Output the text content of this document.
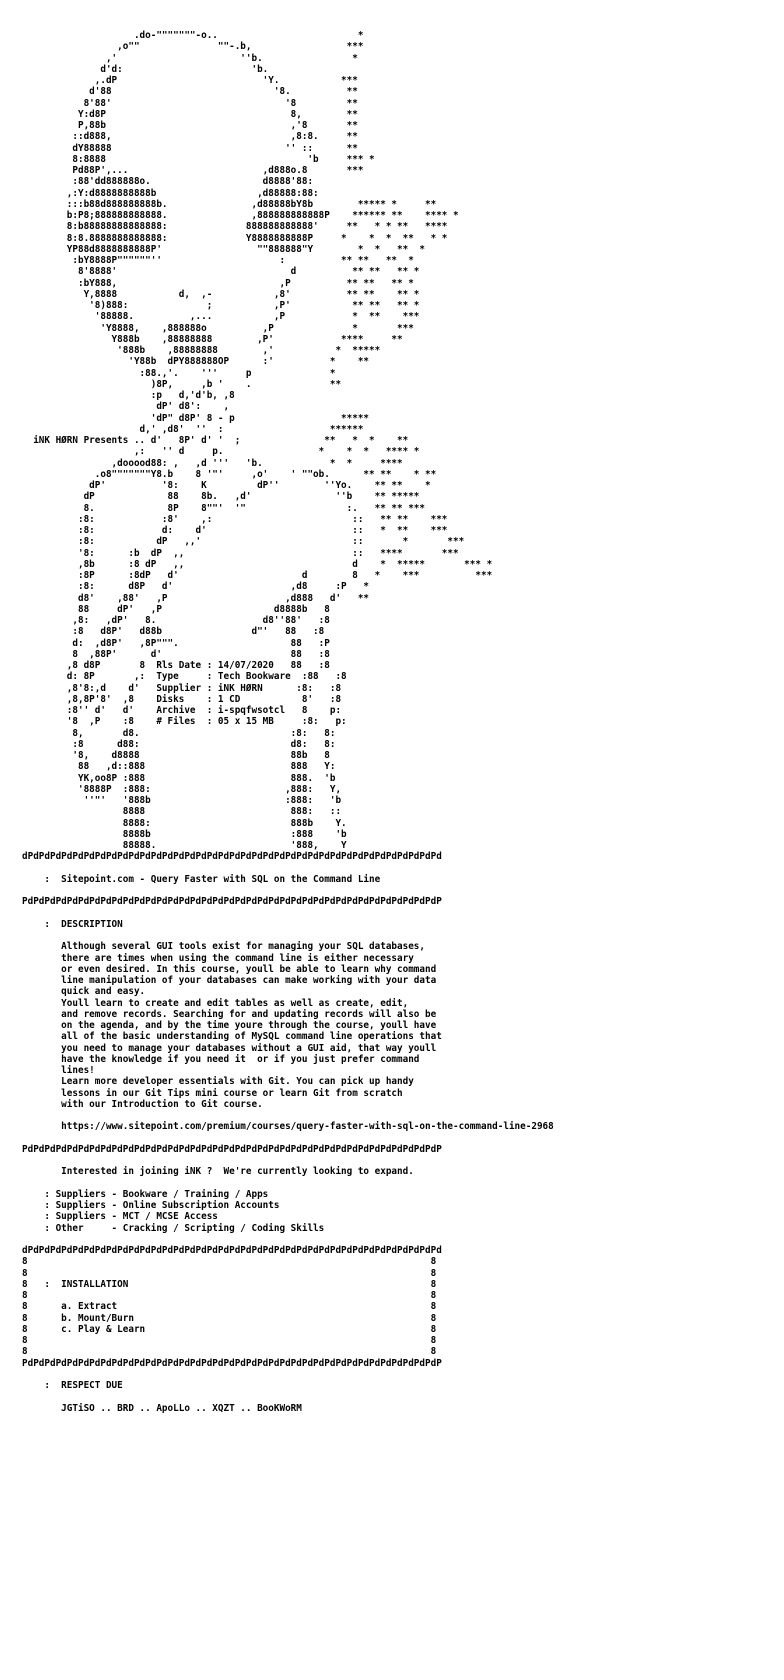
.do-"""""""-o..                         *
,o""              ""-.b,                 ***
,'                      ''b.                *
d'd:                       'b.
,.dP                          'Y.           ***
d'88                             '8.          **
8'88'                               '8         **
Y:d8P                                 8,        **
P,88b                                 ,'8       **
::d888,                                ,8:8.     **
dY88888                               '' ::      **
8:8888                                    'b     *** *
Pd88P',...                        ,d888o.8       ***
:88'dd888888o.                    d8888'88:
,:Y:d8888888888b                  ,d88888:88:
:::b88d888888888b.               ,d88888bY8b        ***** *     **
b:P8;888888888888.               ,888888888888P    ****** **    **** *
8:b88888888888888:              888888888888'     **   * * **   ****
8:8.8888888888888:              Y8888888888P     *    *  *  **   * *
YP88d8888888888P'                 ""888888"Y        *  *   **  *
:bY8888P""""""''                     :          ** **   **  *
8'8888'                               d          ** **   ** *
:bY888,                             ,P          ** **   ** *
Y,8888           d,  ,-           ,8'          ** **    ** *
'8)888:              ;           ,P'           ** **   ** *
'88888.          ,...           ,P            *  **    ***
'Y8888,    ,888888o          ,P              *       ***
Y888b    ,88888888        ,P'            ****     **
'888b    ,88888888        ,'           *  *****
'Y88b  dPY888888OP      :'          *    **
:88.,'.    '''     p              *
)8P,     ,b '    .              **
:p   d,'d'b, ,8
dP' d8':    ,
'dP" d8P' 8 - p                   *****
d,' ,d8'  ''  :                   ******
iNK HØRN Presents .. d'   8P' d' '  ;               **   *  *    **
,:   '' d     p.                 *    *  *   **** *
,dooood88: ,   ,d '''   'b.            *  *     ****
.o8"""""""Y8.b    8 '"'     ,o'    ' ""ob.      ** **    * **
dP'          '8:    K         dP''        ''Yo.    ** **    *
dP             88    8b.   ,d'               ''b    ** *****
8.             8P    8""'  '"                  :.   ** ** ***
:8:            :8'    ,:                         ::   ** **    ***
:8:            d:    d'                          ::   *  **    ***
:8:           dP   ,,'                           ::       *       ***
'8:      :b  dP  ,,                              ::   ****       ***
,8b      :8 dP   ,,                              d    *  *****       *** *
:8P      :8dP   d'                      d        8   *    ***          ***
:8:      d8P   d'                     ,d8     :P   *
d8'    ,88'   ,P                     ,d888   d'   **
88     dP'   ,P                    d8888b   8
,8:   ,dP'   8.                   d8''88'   :8
:8   d8P'   d88b                d"'   88   :8
d:  ,d8P'   ,8P""".                    88   :P
8  ,88P'      d'                       88   :8
,8 d8P       8  Rls Date : 14/07/2020   88   :8
d: 8P       ,:  Type     : Tech Bookware  :88   :8
,8'8:,d    d'   Supplier : iNK HØRN      :8:   :8
,8,8P'8'  ,8    Disks    : 1 CD           8'   :8
:8'' d'   d'    Archive  : i-spqfwsotcl   8    p:
'8  ,P    :8    # Files  : 05 x 15 MB     :8:   p:
8,       d8.                           :8:   8:
:8      d88:                           d8:   8:
'8,    d8888                           88b   8
88   ,d::888                          888   Y:
YK,oo8P :888                          888.  'b
'8888P  :888:                        ,888:   Y,
''"'   '888b                        :888:   'b
8888                          888:   ::
8888:                         888b    Y.
8888b                         :888    'b
88888.                        '888,    Y
dPdPdPdPdPdPdPdPdPdPdPdPdPdPdPdPdPdPdPdPdPdPdPdPdPdPdPdPdPdPdPdPdPdPdPdPdPd
:  Sitepoint.com - Query Faster with SQL on the Command Line
PdPdPdPdPdPdPdPdPdPdPdPdPdPdPdPdPdPdPdPdPdPdPdPdPdPdPdPdPdPdPdPdPdPdPdPdPdP
:  DESCRIPTION
Although several GUI tools exist for managing your SQL databases,
there are times when using the command line is either necessary
or even desired. In this course, youll be able to learn why command
line manipulation of your databases can make working with your data
quick and easy.
Youll learn to create and edit tables as well as create, edit,
and remove records. Searching for and updating records will also be
on the agenda, and by the time youre through the course, youll have
all of the basic understanding of MySQL command line operations that
you need to manage your databases without a GUI aid, that way youll
have the knowledge if you need it  or if you just prefer command
lines!
Learn more developer essentials with Git. You can pick up handy
lessons in our Git Tips mini course or learn Git from scratch
with our Introduction to Git course.
https://www.sitepoint.com/premium/courses/query-faster-with-sql-on-the-command-line-2968
PdPdPdPdPdPdPdPdPdPdPdPdPdPdPdPdPdPdPdPdPdPdPdPdPdPdPdPdPdPdPdPdPdPdPdPdPdP
Interested in joining iNK ?  We're currently looking to expand.
: Suppliers - Bookware / Training / Apps
: Suppliers - Online Subscription Accounts
: Suppliers - MCT / MCSE Access
: Other     - Cracking / Scripting / Coding Skills
dPdPdPdPdPdPdPdPdPdPdPdPdPdPdPdPdPdPdPdPdPdPdPdPdPdPdPdPdPdPdPdPdPdPdPdPdPd
8                                                                        8
8                                                                        8
8   :  INSTALLATION                                                      8
8                                                                        8
8      a. Extract                                                        8
8      b. Mount/Burn                                                     8
8      c. Play & Learn                                                   8
8                                                                        8
8                                                                        8
PdPdPdPdPdPdPdPdPdPdPdPdPdPdPdPdPdPdPdPdPdPdPdPdPdPdPdPdPdPdPdPdPdPdPdPdPdP
:  RESPECT DUE
JGTiSO .. BRD .. ApoLLo .. XQZT .. BooKWoRM
